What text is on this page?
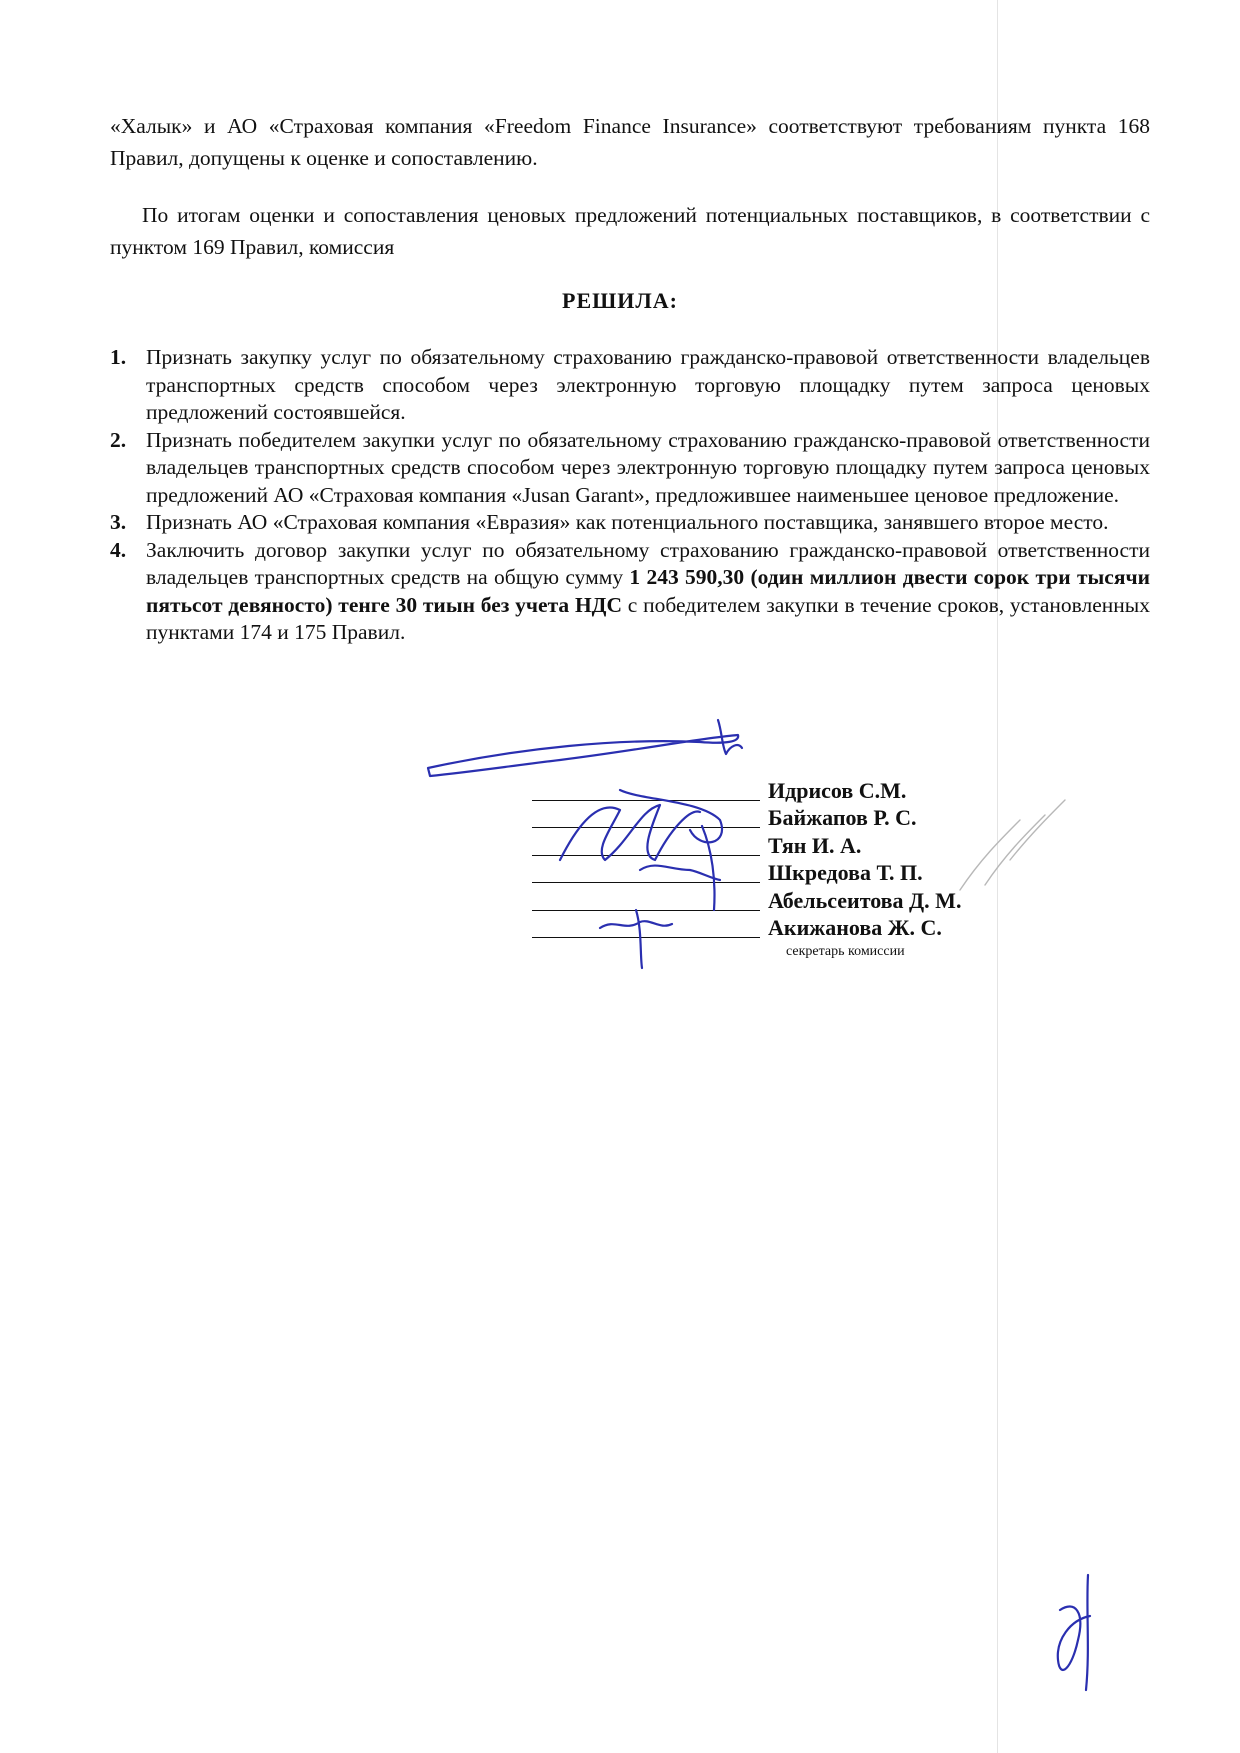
«Халык» и АО «Страховая компания «Freedom Finance Insurance» соответствуют требованиям пункта 168 Правил, допущены к оценке и сопоставлению.

По итогам оценки и сопоставления ценовых предложений потенциальных поставщиков, в соответствии с пунктом 169 Правил, комиссия

РЕШИЛА:
1. Признать закупку услуг по обязательному страхованию гражданско-правовой ответственности владельцев транспортных средств способом через электронную торговую площадку путем запроса ценовых предложений состоявшейся.
2. Признать победителем закупки услуг по обязательному страхованию гражданско-правовой ответственности владельцев транспортных средств способом через электронную торговую площадку путем запроса ценовых предложений АО «Страховая компания «Jusan Garant», предложившее наименьшее ценовое предложение.
3. Признать АО «Страховая компания «Евразия» как потенциального поставщика, занявшего второе место.
4. Заключить договор закупки услуг по обязательному страхованию гражданско-правовой ответственности владельцев транспортных средств на общую сумму 1 243 590,30 (один миллион двести сорок три тысячи пятьсот девяносто) тенге 30 тиын без учета НДС с победителем закупки в течение сроков, установленных пунктами 174 и 175 Правил.
Идрисов С.М.
Байжапов Р. С.
Тян И. А.
Шкредова Т. П.
Абельсеитова Д. М.
Акижанова Ж. С.
секретарь комиссии
